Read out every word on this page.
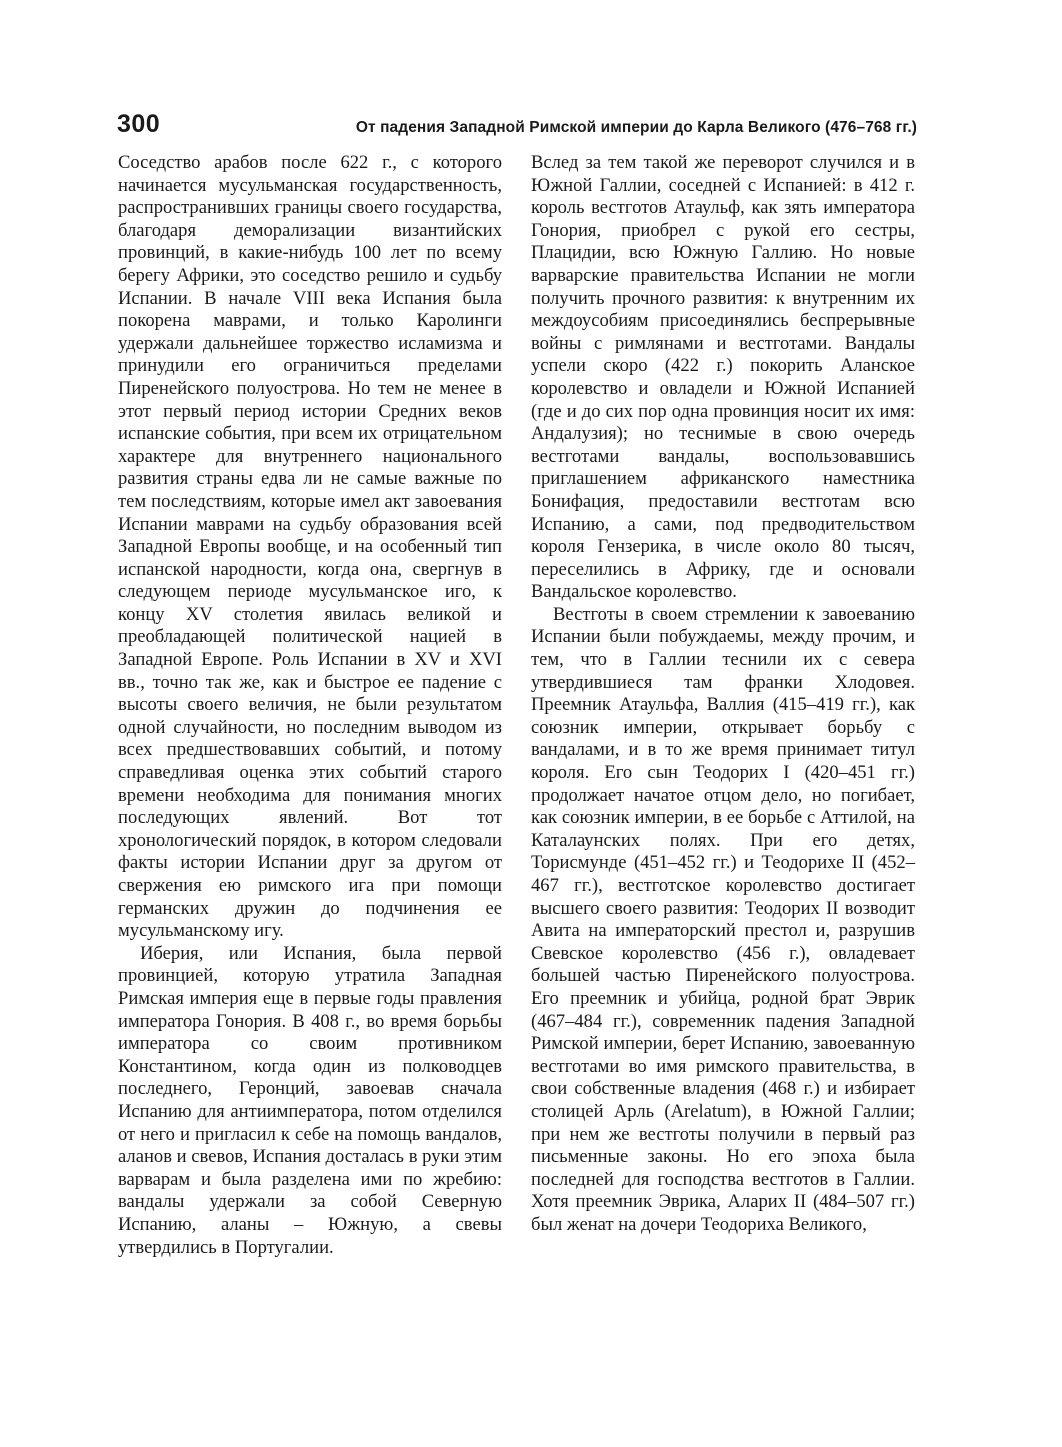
300	От падения Западной Римской империи до Карла Великого (476–768 гг.)

Соседство арабов после 622 г., с которого начинается мусульманская государственность, распространивших границы своего государства, благодаря деморализации византийских провинций, в какие-нибудь 100 лет по всему берегу Африки, это соседство решило и судьбу Испании. В начале VIII века Испания была покорена маврами, и только Каролинги удержали дальнейшее торжество исламизма и принудили его ограничиться пределами Пиренейского полуострова. Но тем не менее в этот первый период истории Средних веков испанские события, при всем их отрицательном характере для внутреннего национального развития страны едва ли не самые важные по тем последствиям, которые имел акт завоевания Испании маврами на судьбу образования всей Западной Европы вообще, и на особенный тип испанской народности, когда она, свергнув в следующем периоде мусульманское иго, к концу XV столетия явилась великой и преобладающей политической нацией в Западной Европе. Роль Испании в XV и XVI вв., точно так же, как и быстрое ее падение с высоты своего величия, не были результатом одной случайности, но последним выводом из всех предшествовавших событий, и потому справедливая оценка этих событий старого времени необходима для понимания многих последующих явлений. Вот тот хронологический порядок, в котором следовали факты истории Испании друг за другом от свержения ею римского ига при помощи германских дружин до подчинения ее мусульманскому игу.

Иберия, или Испания, была первой провинцией, которую утратила Западная Римская империя еще в первые годы правления императора Гонория. В 408 г., во время борьбы императора со своим противником Константином, когда один из полководцев последнего, Геронций, завоевав сначала Испанию для антиимператора, потом отделился от него и пригласил к себе на помощь вандалов, аланов и свевов, Испания досталась в руки этим варварам и была разделена ими по жребию: вандалы удержали за собой Северную Испанию, аланы – Южную, а свевы утвердились в Португалии.

Вслед за тем такой же переворот случился и в Южной Галлии, соседней с Испанией: в 412 г. король вестготов Атаульф, как зять императора Гонория, приобрел с рукой его сестры, Плацидии, всю Южную Галлию. Но новые варварские правительства Испании не могли получить прочного развития: к внутренним их междоусобиям присоединялись беспрерывные войны с римлянами и вестготами. Вандалы успели скоро (422 г.) покорить Аланское королевство и овладели и Южной Испанией (где и до сих пор одна провинция носит их имя: Андалузия); но теснимые в свою очередь вестготами вандалы, воспользовавшись приглашением африканского наместника Бонифация, предоставили вестготам всю Испанию, а сами, под предводительством короля Гензерика, в числе около 80 тысяч, переселились в Африку, где и основали Вандальское королевство.

Вестготы в своем стремлении к завоеванию Испании были побуждаемы, между прочим, и тем, что в Галлии теснили их с севера утвердившиеся там франки Хлодовея. Преемник Атаульфа, Валлия (415–419 гг.), как союзник империи, открывает борьбу с вандалами, и в то же время принимает титул короля. Его сын Теодорих I (420–451 гг.) продолжает начатое отцом дело, но погибает, как союзник империи, в ее борьбе с Аттилой, на Каталаунских полях. При его детях, Торисмунде (451–452 гг.) и Теодорихе II (452–467 гг.), вестготское королевство достигает высшего своего развития: Теодорих II возводит Авита на императорский престол и, разрушив Свевское королевство (456 г.), овладевает большей частью Пиренейского полуострова. Его преемник и убийца, родной брат Эврик (467–484 гг.), современник падения Западной Римской империи, берет Испанию, завоеванную вестготами во имя римского правительства, в свои собственные владения (468 г.) и избирает столицей Арль (Arelatum), в Южной Галлии; при нем же вестготы получили в первый раз письменные законы. Но его эпоха была последней для господства вестготов в Галлии. Хотя преемник Эврика, Аларих II (484–507 гг.) был женат на дочери Теодориха Великого,
